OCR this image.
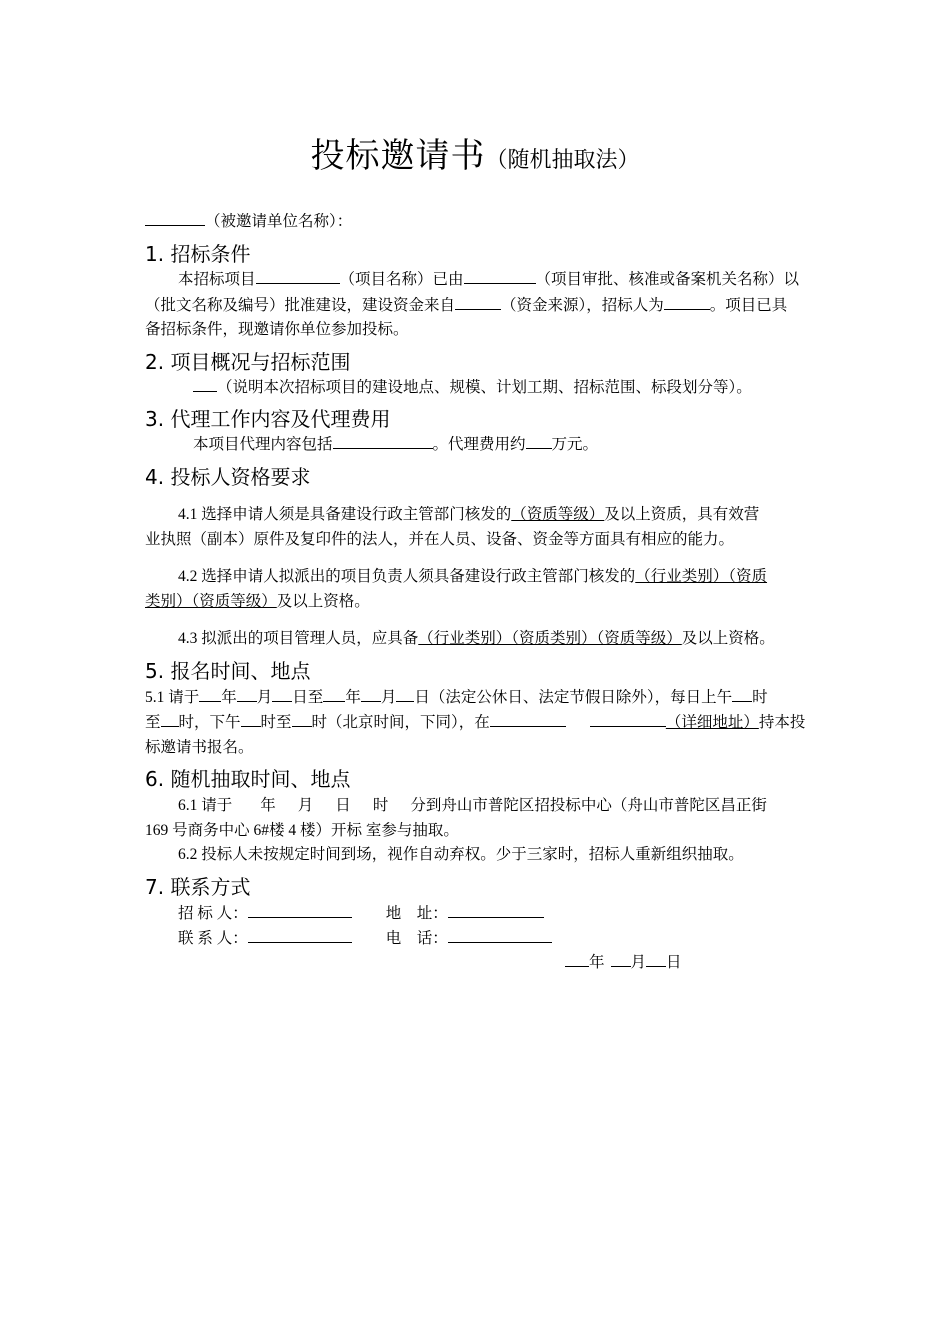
投标邀请书（随机抽取法）
（被邀请单位名称）：
1. 招标条件
本招标项目	（项目名称）已由	（项目审批、核准或备案机关名称）以
（批文名称及编号）批准建设，建设资金来自	（资金来源），招标人为	。项目已具
备招标条件，现邀请你单位参加投标。
2. 项目概况与招标范围
（说明本次招标项目的建设地点、规模、计划工期、招标范围、标段划分等）。
3. 代理工作内容及代理费用
本项目代理内容包括	。代理费用约 万元。
4. 投标人资格要求
4.1 选择申请人须是具备建设行政主管部门核发的（资质等级）及以上资质，具有效营
业执照（副本）原件及复印件的法人，并在人员、设备、资金等方面具有相应的能力。
4.2 选择申请人拟派出的项目负责人须具备建设行政主管部门核发的（行业类别）（资质
类别）（资质等级）及以上资格。
4.3 拟派出的项目管理人员，应具备（行业类别）（资质类别）（资质等级）及以上资格。
5. 报名时间、地点
5.1 请于 年 月 日至 年 月 日（法定公休日、法定节假日除外），每日上午 时
至 时，下午 时至 时（北京时间，下同），在	（详细地址）持本投
标邀请书报名。
6. 随机抽取时间、地点
6.1 请于 年 月 日 时 分到舟山市普陀区招投标中心（舟山市普陀区昌正街
169 号商务中心 6#楼 4 楼）开标 室参与抽取。
6.2 投标人未按规定时间到场，视作自动弃权。少于三家时，招标人重新组织抽取。
7. 联系方式
招 标 人：	地　址：
联 系 人：	电　话：
年 月 日
